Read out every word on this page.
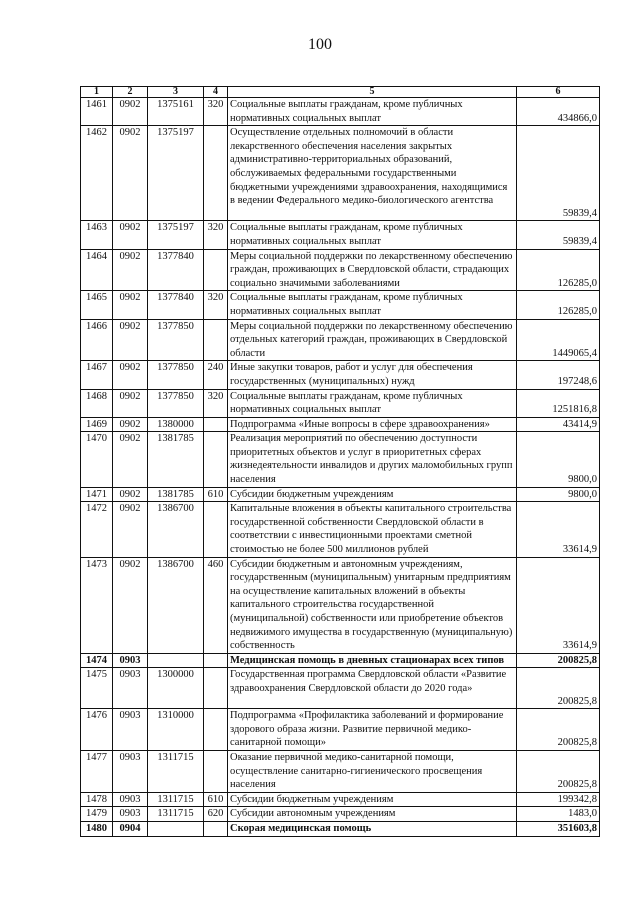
100
1	2	3	4	5	6
1461	0902	1375161	320	Социальные выплаты гражданам, кроме публичных нормативных социальных выплат	434866,0
1462	0902	1375197		Осуществление отдельных полномочий в области лекарственного обеспечения населения закрытых административно-территориальных образований, обслуживаемых федеральными государственными бюджетными учреждениями здравоохранения, находящимися в ведении Федерального медико-биологического агентства	59839,4
1463	0902	1375197	320	Социальные выплаты гражданам, кроме публичных нормативных социальных выплат	59839,4
1464	0902	1377840		Меры социальной поддержки по лекарственному обеспечению граждан, проживающих в Свердловской области, страдающих социально значимыми заболеваниями	126285,0
1465	0902	1377840	320	Социальные выплаты гражданам, кроме публичных нормативных социальных выплат	126285,0
1466	0902	1377850		Меры социальной поддержки по лекарственному обеспечению отдельных категорий граждан, проживающих в Свердловской области	1449065,4
1467	0902	1377850	240	Иные закупки товаров, работ и услуг для обеспечения государственных (муниципальных) нужд	197248,6
1468	0902	1377850	320	Социальные выплаты гражданам, кроме публичных нормативных социальных выплат	1251816,8
1469	0902	1380000		Подпрограмма «Иные вопросы в сфере здравоохранения»	43414,9
1470	0902	1381785		Реализация мероприятий по обеспечению доступности приоритетных объектов и услуг в приоритетных сферах жизнедеятельности инвалидов и других маломобильных групп населения	9800,0
1471	0902	1381785	610	Субсидии бюджетным учреждениям	9800,0
1472	0902	1386700		Капитальные вложения в объекты капитального строительства государственной собственности Свердловской области в соответствии с инвестиционными проектами сметной стоимостью не более 500 миллионов рублей	33614,9
1473	0902	1386700	460	Субсидии бюджетным и автономным учреждениям, государственным (муниципальным) унитарным предприятиям на осуществление капитальных вложений в объекты капитального строительства государственной (муниципальной) собственности или приобретение объектов недвижимого имущества в государственную (муниципальную) собственность	33614,9
1474	0903			Медицинская помощь в дневных стационарах всех типов	200825,8
1475	0903	1300000		Государственная программа Свердловской области «Развитие здравоохранения Свердловской области до 2020 года»	200825,8
1476	0903	1310000		Подпрограмма «Профилактика заболеваний и формирование здорового образа жизни. Развитие первичной медико-санитарной помощи»	200825,8
1477	0903	1311715		Оказание первичной медико-санитарной помощи, осуществление санитарно-гигиенического просвещения населения	200825,8
1478	0903	1311715	610	Субсидии бюджетным учреждениям	199342,8
1479	0903	1311715	620	Субсидии автономным учреждениям	1483,0
1480	0904			Скорая медицинская помощь	351603,8
